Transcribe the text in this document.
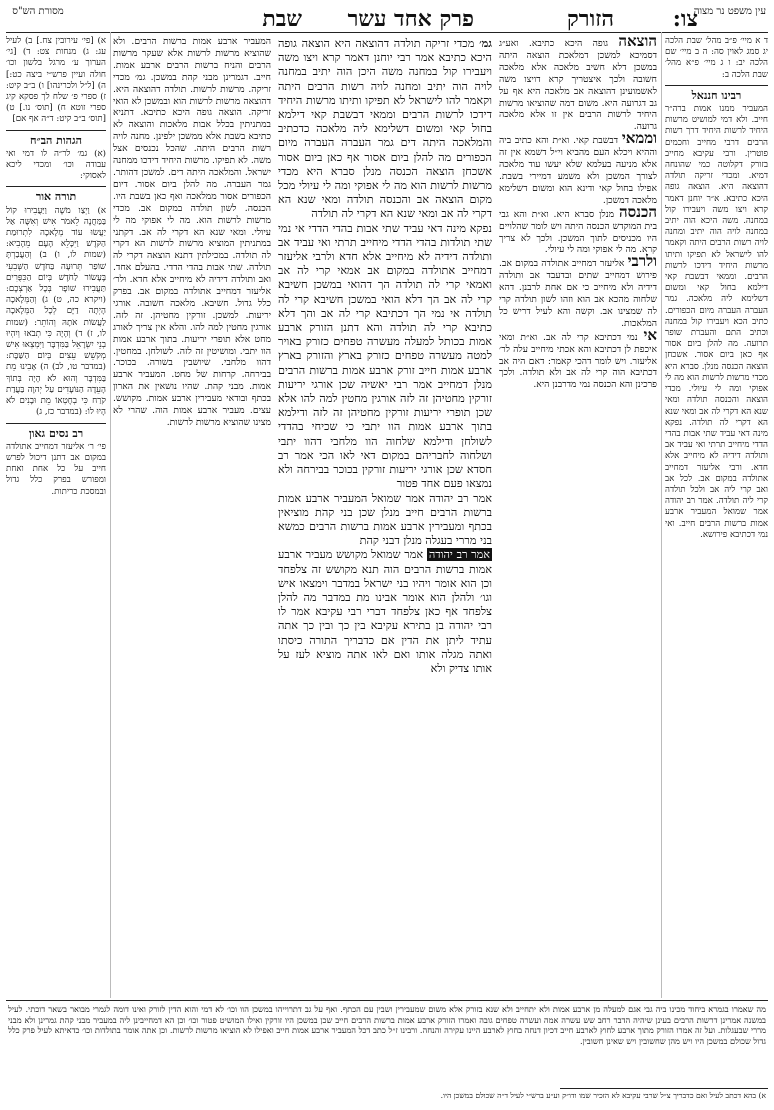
עין משפט נר מצוה
צו:
הזורק
פרק אחד עשר
שבת
מסורת הש"ס

ד א מיי׳ פ״ב מהל׳ שבת הלכה יג סמג לאוין סה: ה ב מיי׳ שם הלכה יב: ו ג מיי׳ פ״א מהל׳ שבת הלכה ב:

רבינו חננאל

המעביר ממנו אמות ברה״ר חייב. ולא דמי למושיט מרשות היחיד לרשות היחיד דרך רשות הרבים דרבי מחייב וחכמים פוטרין. ורבי עקיבא מחייב בזורק דקלוטה כמי שהונחה דמיא. ומכדי זריקה תולדה דהוצאה היא. הוצאה גופה היכא כתיבא. א״ר יוחנן דאמר קרא ויצו משה ויעבירו קול במחנה. משה היכא הוה יתיב במחנה לויה הוה יתיב ומחנה לויה רשות הרבים היתה וקאמר להו לישראל לא תפיקו ותיתו מרשות היחיד דידכו לרשות הרבים. וממאי דבשבת קאי דילמא בחול קאי ומשום דשלימא ליה מלאכה. גמר העברה העברה מיום הכפורים. כתיב הכא ויעבירו קול במחנה וכתיב התם והעברת שופר תרועה. מה להלן ביום אסור אף כאן ביום אסור. אשכחן הוצאה הכנסה מנלן. סברא היא מכדי מרשות לרשות הוא מה לי אפוקי ומה לי עיולי. מכדי הוצאה והכנסה תולדה ומאי שנא הא דקרי לה אב ומאי שנא הא דקרי לה תולדה. נפקא מינה דאי עביד שתי אבות בהדי הדדי מיחייב תרתי ואי עביד אב ותולדה דידיה לא מיחייב אלא חדא. ורבי אליעזר דמחייב אתולדה במקום אב. לכל אב ואב קרי ליה אב ולכל תולדה קרי ליה תולדה. אמר רב יהודה אמר שמואל המעביר ארבע אמות ברשות הרבים חייב. ואי נמי דכתיבא פירושא.

הוצאה גופה היכא כתיבא. ואע״ג דסמיכא למשכן דמלאכת הוצאה היתה במשכן דלא חשיב מלאכה אלא מלאכה חשובה ולכך איצטריך קרא דויצו משה לאשמועינן דהוצאה אב מלאכה היא אף על גב דגרועה היא. משום דמה שהוציאו מרשות היחיד לרשות הרבים אין זו אלא מלאכה גרועה.

וממאי דבשבת קאי. וא״ת והא כתיב ביה וההיא ויכלא העם מהביא וי״ל דשמא אין זה אלא מניעה בעלמא שלא יעשו עוד מלאכה לצורך המשכן ולא משמע דמיירי בשבת. אפילו בחול קאי ודינא הוא ומשום דשלימא מלאכה דמשכן.

הכנסה מנלן סברא היא. וא״ת והא גבי בית המוקדש הכנסה היתה ויש לומר שהלויים היו מכניסים לתוך המשכן. ולכך לא צריך קרא. מה לי אפוקי ומה לי עיולי.

ולרבי אליעזר דמחייב אתולדה במקום אב. פירוש דמחייב שתים ובדעבד אב ותולדה דידיה ולא מיחייב כי אם אחת לרבנן. דהא שלחוה מהכא אב הוא וזהו לשון תולדה קרי לה שמצינו אב. וקשה והא לעיל דריש כל המלאכות.

אי נמי דכתיבא קרי לה אב. וא״ת ומאי איכפת לן דכתיבא והא אכתי מיחייב עלה לר׳ אליעזר. ויש לומר דהכי קאמר: דאם היה אב דכתיבא הוה קרי לה אב ולא תולדה. ולכך פרכינן והא הכנסה נמי מדרבנן היא.

גמ׳ מכדי זריקה תולדה דהוצאה היא הוצאה גופה היכא כתיבא אמר רבי יוחנן דאמר קרא ויצו משה ויעבירו קול במחנה משה היכן הוה יתיב במחנה לויה הוה יתיב ומחנה לויה רשות הרבים היתה וקאמר להו לישראל לא תפיקו ותיתו מרשות היחיד דידכו לרשות הרבים וממאי דבשבת קאי דילמא בחול קאי ומשום דשלימא ליה מלאכה כדכתיב והמלאכה היתה דים גמר העברה העברה מיום הכפורים מה להלן ביום אסור אף כאן ביום אסור אשכחן הוצאה הכנסה מנלן סברא היא מכדי מרשות לרשות הוא מה לי אפוקי ומה לי עיולי מכל מקום הוצאה אב והכנסה תולדה ומאי שנא הא דקרי לה אב ומאי שנא הא דקרי לה תולדה

נפקא מינה דאי עביד שתי אבות בהדי הדדי אי נמי שתי תולדות בהדי הדדי מיחייב תרתי ואי עביד אב ותולדה דידיה לא מיחייב אלא חדא ולרבי אליעזר דמחייב אתולדה במקום אב אמאי קרי לה אב ואמאי קרי לה תולדה הך דהואי במשכן חשיבא קרי לה אב הך דלא הואי במשכן חשיבא קרי לה תולדה אי נמי הך דכתיבא קרי לה אב והך דלא כתיבא קרי לה תולדה והא דתנן הזורק ארבע אמות בכותל למעלה מעשרה טפחים כזורק באויר למטה מעשרה טפחים כזורק בארץ והזורק בארץ ארבע אמות חייב זורק ארבע אמות ברשות הרבים מנלן דמחייב אמר רבי יאשיה שכן אורגי יריעות זורקין מחטיהן זה לזה אורגין מחטין למה להו אלא שכן תופרי יריעות זורקין מחטיהן זה לזה ודילמא בתוך ארבע אמות הוו יתבי כי שכיחי בהדדי לשולחן ודילמא שלחוה הוו מלחבי דהוו יתבי ושלחוה לחבריהם במקום דאי לאו הכי אמר רב חסדא שכן אורגי יריעות זורקין בכוכר בבירחה ולא נמצאו פעם אחד פטור

אמר רב יהודה אמר שמואל המעביר ארבע אמות ברשות הרבים חייב מנלן שכן בני קהת מוציאין בכתף ומעבירין ארבע אמות ברשות הרבים כמשא בני מררי בעגלה מנלן דבני קהת

אמר רב יהודה אמר שמואל מקושש מעביר ארבע אמות ברשות הרבים הוה תנא מקושש זה צלפחד וכן הוא אומר ויהיו בני ישראל במדבר וימצאו איש וגו׳ ולהלן הוא אומר אבינו מת במדבר מה להלן צלפחד אף כאן צלפחד דברי רבי עקיבא אמר לו רבי יהודה בן בתירא עקיבא בין כך ובין כך אתה עתיד ליתן את הדין אם כדבריך התורה כיסתו ואתה מגלה אותו ואם לאו אתה מוציא לעז על אותו צדיק ולא

המעביר ארבע אמות ברשות הרבים. ולא שהוציא מרשות לרשות אלא שעקר מרשות הרבים והניח ברשות הרבים ארבע אמות. חייב. דגמרינן מבני קהת במשכן. גמ׳ מכדי זריקה. מרשות לרשות. תולדה דהוצאה היא. דהוצאה מרשות לרשות הוא ובמשכן לא הואי זריקה. הוצאה גופה היכא כתיבא. דתניא במתניתין בכלל אבות מלאכות והוצאה לא כתיבא בשבת אלא ממשכן ילפינן. מחנה לויה רשות הרבים היתה. שהכל נכנסים אצל משה. לא תפיקו. מרשות היחיד דידכו ממחנה ישראל. והמלאכה היתה דים. למשכן דהותר. גמר העברה. מה להלן ביום אסור. דיום הכפורים אסור ממלאכה ואף כאן בשבת היו. הכנסה. לשון תולדה במקום אב. מכדי מרשות לרשות הוא. מה לי אפוקי מה לי עיולי. ומאי שנא הא דקרי לה אב. דקתני במתניתין המוציא מרשות לרשות הא דקרי לה תולדה. במכילתין דתנא הוצאה דקרי לה תולדה. שתי אבות בהדי הדדי. בהעלם אחד. ואב ותולדה דידיה לא מיחייב אלא חדא. ולר׳ אליעזר דמחייב אתולדה במקום אב. בפרק כלל גדול. חשיבא. מלאכה חשובה. אורגי יריעות. למשכן. זורקין מחטיהן. זה לזה. אורגין מחטין למה להו. והלא אין צריך לאורג מחט אלא תופרי יריעות. בתוך ארבע אמות הוו יתבי. ומושיטין זה לזה. לשולחן. במחטין. דהוו מלחבי. שיושבין בשורה. בכוכר. בבירחה. קרחות של מחט. המעביר ארבע אמות. מבני קהת. שהיו נושאין את הארון בכתף ובודאי מעבירין ארבע אמות. מקושש. עצים. מעביר ארבע אמות הוה. שהרי לא מצינו שהוציא מרשות לרשות.

א) [פי׳ עירובין צח.] ב) לעיל עג: ג) מנחות צט: ד) [גי׳ הערוך ע׳ מרגל בלשון וכו׳ חולה ועיין פרש״י ביצה כט:] ה) [ל״ל ולכרינהו] ו) ב״ב קיט: ז) ספרי פ׳ שלח לך פסקא קיג ספרי זוטא ח) [תוס׳ נו.] ט) [תוס׳ ב״ב קיט: ד״ה אף אם]

הגהות הב״ח

(א) גמ׳ לר״ה לו דמי ואי עבודה וכו׳ ומכדי ליכא לאסוקי:

תורה אור

א) וַיְצַו מֹשֶׁה וַיַּעֲבִירוּ קוֹל בַּמַּחֲנֶה לֵאמֹר אִישׁ וְאִשָּׁה אַל יַעֲשׂוּ עוֹד מְלָאכָה לִתְרוּמַת הַקֹּדֶשׁ וַיִּכָּלֵא הָעָם מֵהָבִיא: (שמות לו, ו) ב) וְהַעֲבַרְתָּ שׁוֹפַר תְּרוּעָה בַּחֹדֶשׁ הַשְּׁבִעִי בֶּעָשׂוֹר לַחֹדֶשׁ בְּיוֹם הַכִּפֻּרִים תַּעֲבִירוּ שׁוֹפָר בְּכָל אַרְצְכֶם: (ויקרא כה, ט) ג) וְהַמְּלָאכָה הָיְתָה דַיָּם לְכָל הַמְּלָאכָה לַעֲשׂוֹת אֹתָהּ וְהוֹתֵר: (שמות לו, ז) ד) וְהָיָה כִּי תְבֹאוּ וְיִהְיוּ בְנֵי יִשְׂרָאֵל בַּמִּדְבָּר וַיִּמְצְאוּ אִישׁ מְקֹשֵׁשׁ עֵצִים בְּיוֹם הַשַּׁבָּת: (במדבר טו, לב) ה) אָבִינוּ מֵת בַּמִּדְבָּר וְהוּא לֹא הָיָה בְּתוֹךְ הָעֵדָה הַנּוֹעָדִים עַל יְהוָה בַּעֲדַת קֹרַח כִּי בְחֶטְאוֹ מֵת וּבָנִים לֹא הָיוּ לוֹ: (במדבר כז, ג)

רב נסים גאון

פי׳ ר׳ אליעזר דמחייב אתולדה במקום אב דתנן דיכול לפרש חייב על כל אחת ואחת ומפורש בפרק כלל גדול ובמסכת כריתות.

מה שאמרו בגמרא ביחוד מכינו ביה גבי אגם למעלה מן ארבע אמות ולא יתחייב ולא שנא בזורק אלא משום שמעבירין ושבין עם הכתף. ואף על גב דתרוייהו במשכן הוו וכו׳ לא דמי והוא הדין לזורק ואינו דומה לגמרי מבואר בשאר דוכתי. לעיל במשנה אמרינן דרשות הרבים בעינן שיהיה הדבר רחב שש עשרה אמה ועשרה טפחים גובה ואמרו הזורק ארבע אמות ברשות הרבים חייב שכן במשכן היו זורקין ואילו המושיט פטור וכו׳ וכן הא דמחייבינן ליה במעביר מבני קהת גמרינן ולא מבני מררי שבעגלות. ועל זה אמרו הזורק מתוך ארבע לחוץ לארבע חייב דכיון דנחה בחוץ לארבע היינו עקירה והנחה. ורבינו ז״ל כתב דכל המעביר ארבע אמות חייב ואפילו לא הוציאו מרשות לרשות. וכן אתה אומר בתולדות וכו׳ כדאיתא לעיל פרק כלל גדול שכולם במשכן היו ויש מהן שחשובין ויש שאינן חשובין.
א) בהא דכתב לעיל ואם כדבריך צ״ל שרבי עקיבא לא הזכיר שמו ודו״ק וע״ע ברש״י לעיל ד״ה שכולם במשכן היו.
